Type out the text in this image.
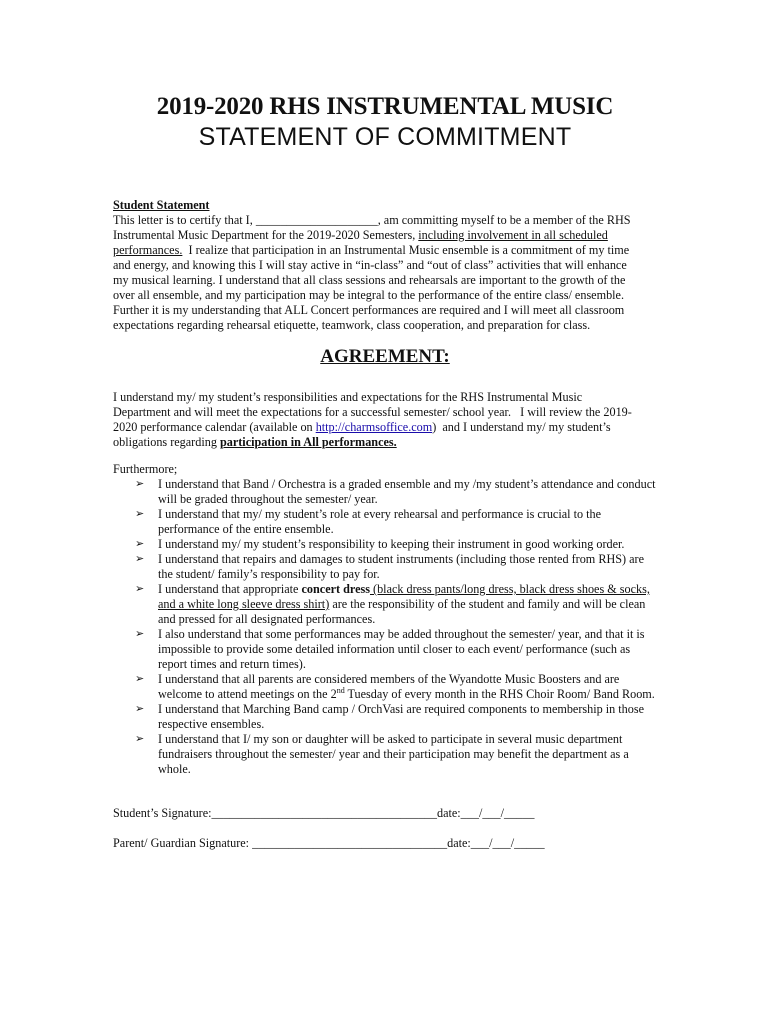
2019-2020 RHS INSTRUMENTAL MUSIC
STATEMENT OF COMMITMENT
Student Statement
This letter is to certify that I, ____________________, am committing myself to be a member of the RHS
Instrumental Music Department for the 2019-2020 Semesters, including involvement in all scheduled
performances.  I realize that participation in an Instrumental Music ensemble is a commitment of my time
and energy, and knowing this I will stay active in “in-class” and “out of class” activities that will enhance
my musical learning. I understand that all class sessions and rehearsals are important to the growth of the
over all ensemble, and my participation may be integral to the performance of the entire class/ ensemble.
Further it is my understanding that ALL Concert performances are required and I will meet all classroom
expectations regarding rehearsal etiquette, teamwork, class cooperation, and preparation for class.
AGREEMENT:
I understand my/ my student’s responsibilities and expectations for the RHS Instrumental Music
Department and will meet the expectations for a successful semester/ school year.   I will review the 2019-
2020 performance calendar (available on http://charmsoffice.com)  and I understand my/ my student’s
obligations regarding participation in All performances.
Furthermore;
➢ I understand that Band / Orchestra is a graded ensemble and my /my student’s attendance and conduct will be graded throughout the semester/ year.
➢ I understand that my/ my student’s role at every rehearsal and performance is crucial to the performance of the entire ensemble.
➢ I understand my/ my student’s responsibility to keeping their instrument in good working order.
➢ I understand that repairs and damages to student instruments (including those rented from RHS) are the student/ family’s responsibility to pay for.
➢ I understand that appropriate concert dress (black dress pants/long dress, black dress shoes & socks, and a white long sleeve dress shirt) are the responsibility of the student and family and will be clean and pressed for all designated performances.
➢ I also understand that some performances may be added throughout the semester/ year, and that it is impossible to provide some detailed information until closer to each event/ performance (such as report times and return times).
➢ I understand that all parents are considered members of the Wyandotte Music Boosters and are welcome to attend meetings on the 2nd Tuesday of every month in the RHS Choir Room/ Band Room.
➢ I understand that Marching Band camp / OrchVasi are required components to membership in those respective ensembles.
➢ I understand that I/ my son or daughter will be asked to participate in several music department fundraisers throughout the semester/ year and their participation may benefit the department as a whole.
Student’s Signature:_____________________________________date:___/___/_____
Parent/ Guardian Signature: ________________________________date:___/___/_____
